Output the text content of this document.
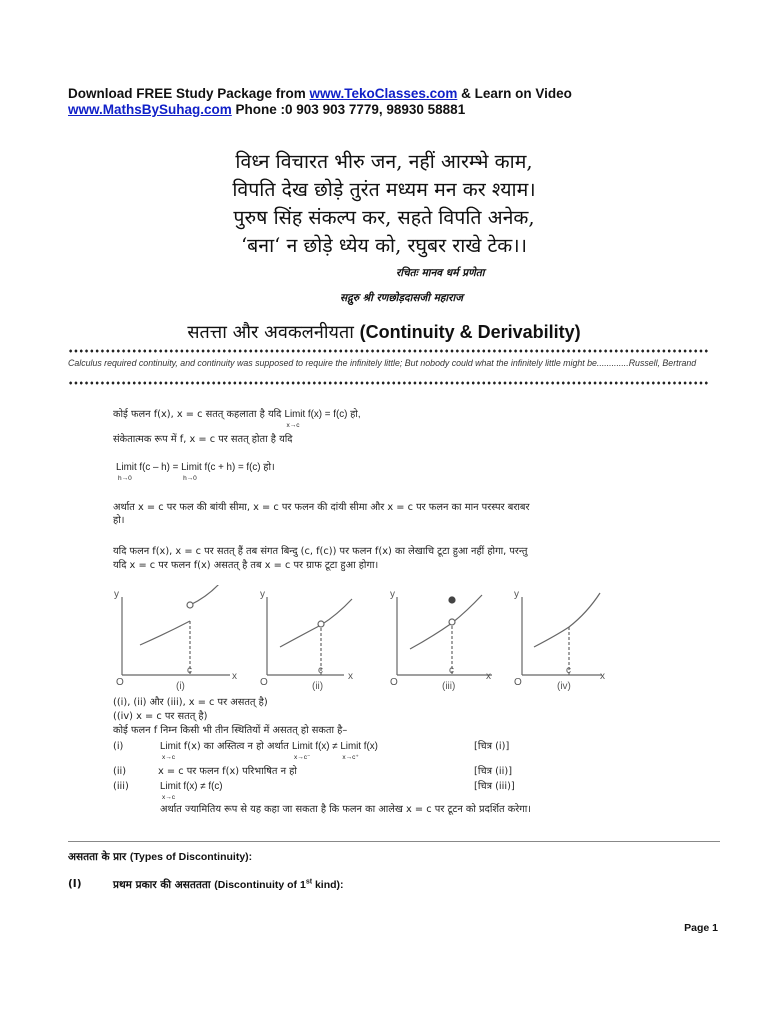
Download FREE Study Package from www.TekoClasses.com & Learn on Video
www.MathsBySuhag.com Phone :0 903 903 7779, 98930 58881
विध्न विचारत भीरु जन, नहीं आरम्भे काम,
विपति देख छोड़े तुरंत मध्यम मन कर श्याम।
पुरुष सिंह संकल्प कर, सहते विपति अनेक,
‘बना‘ न छोड़े ध्येय को, रघुबर राखे टेक।।
रचितः मानव धर्म प्रणेता
सद्गुरु श्री रणछोड़दासजी महाराज
सतत्ता और अवकलनीयता (Continuity & Derivability)
Calculus required continuity, and continuity was supposed to require the infinitely little; But nobody could what the infinitely little might be.............Russell, Bertrand
कोई फलन f(x), x = c सतत् कहलाता है यदि Limit
x→c
f(x) = f(c) हो,
संकेतात्मक रूप में f, x = c पर सतत् होता है यदि
Limit
h→0
f(c – h) = Limit
h→0
f(c + h) = f(c) हो।
अर्थात x = c पर फल की बांयी सीमा, x = c पर फलन की दांयी सीमा और x = c पर फलन का मान परस्पर बराबर
हो।
यदि फलन f(x), x = c पर सतत् हैं तब संगत बिन्दु (c, f(c)) पर फलन f(x) का लेखाचि टूटा हुआ नहीं होगा, परन्तु
यदि x = c पर फलन f(x) असतत् है तब x = c पर ग्राफ टूटा हुआ होगा।
y
x
O
c
(i)
y
x
O
c
(ii)
y
x
O
c
(iii)
y
x
O
c
(iv)
((i), (ii) और (iii), x = c पर असतत् है)
((iv) x = c पर सतत् है)
कोई फलन f निम्न किसी भी तीन स्थितियों में असतत् हो सकता है–
(i)	Limit
x→c
f(x) का अस्तित्व न हो अर्थात Limit
x→c⁻
f(x) ≠ Limit
x→c⁺
f(x)	[चित्र (i)]
(ii)	x = c पर फलन f(x) परिभाषित न हो	[चित्र (ii)]
(iii)	Limit
x→c
f(x) ≠ f(c)	[चित्र (iii)]
अर्थात ज्यामितिय रूप से यह कहा जा सकता है कि फलन का आलेख x = c पर टूटन को प्रदर्शित करेगा।
असतता के प्रार (Types of Discontinuity):
(I)	प्रथम प्रकार की असततता (Discontinuity of 1st kind):
Page 1
